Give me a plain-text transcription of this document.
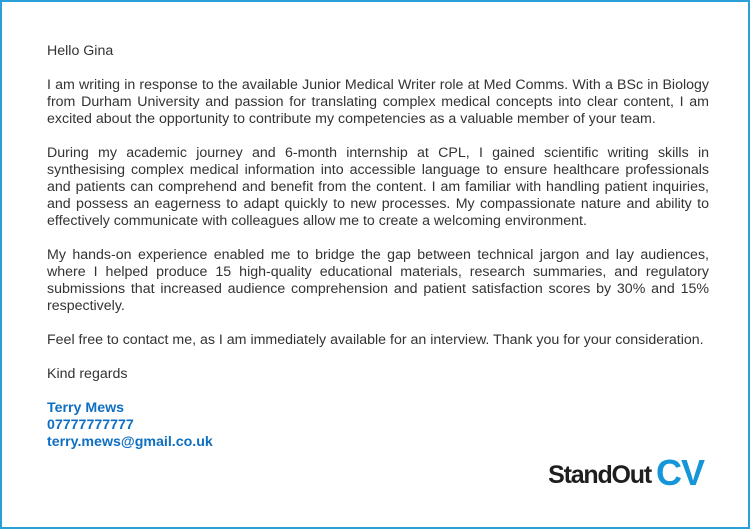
Hello Gina

I am writing in response to the available Junior Medical Writer role at Med Comms. With a BSc in Biology from Durham University and passion for translating complex medical concepts into clear content, I am excited about the opportunity to contribute my competencies as a valuable member of your team.

During my academic journey and 6-month internship at CPL, I gained scientific writing skills in synthesising complex medical information into accessible language to ensure healthcare professionals and patients can comprehend and benefit from the content. I am familiar with handling patient inquiries, and possess an eagerness to adapt quickly to new processes. My compassionate nature and ability to effectively communicate with colleagues allow me to create a welcoming environment.

My hands-on experience enabled me to bridge the gap between technical jargon and lay audiences, where I helped produce 15 high-quality educational materials, research summaries, and regulatory submissions that increased audience comprehension and patient satisfaction scores by 30% and 15% respectively.

Feel free to contact me, as I am immediately available for an interview. Thank you for your consideration.

Kind regards

Terry Mews
07777777777
terry.mews@gmail.co.uk
StandOut CV
